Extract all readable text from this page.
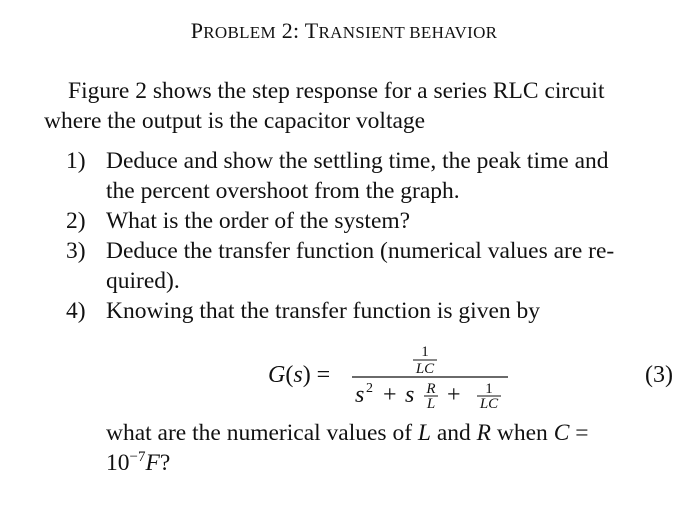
PROBLEM 2: TRANSIENT BEHAVIOR
Figure 2 shows the step response for a series RLC circuit
where the output is the capacitor voltage
1) Deduce and show the settling time, the peak time and
the percent overshoot from the graph.
2) What is the order of the system?
3) Deduce the transfer function (numerical values are re-
quired).
4) Knowing that the transfer function is given by
G(s) =
1
LC
s 2 + s R
L + 1
LC
(3)
what are the numerical values of L and R when C =
$10^{-7}F$?
